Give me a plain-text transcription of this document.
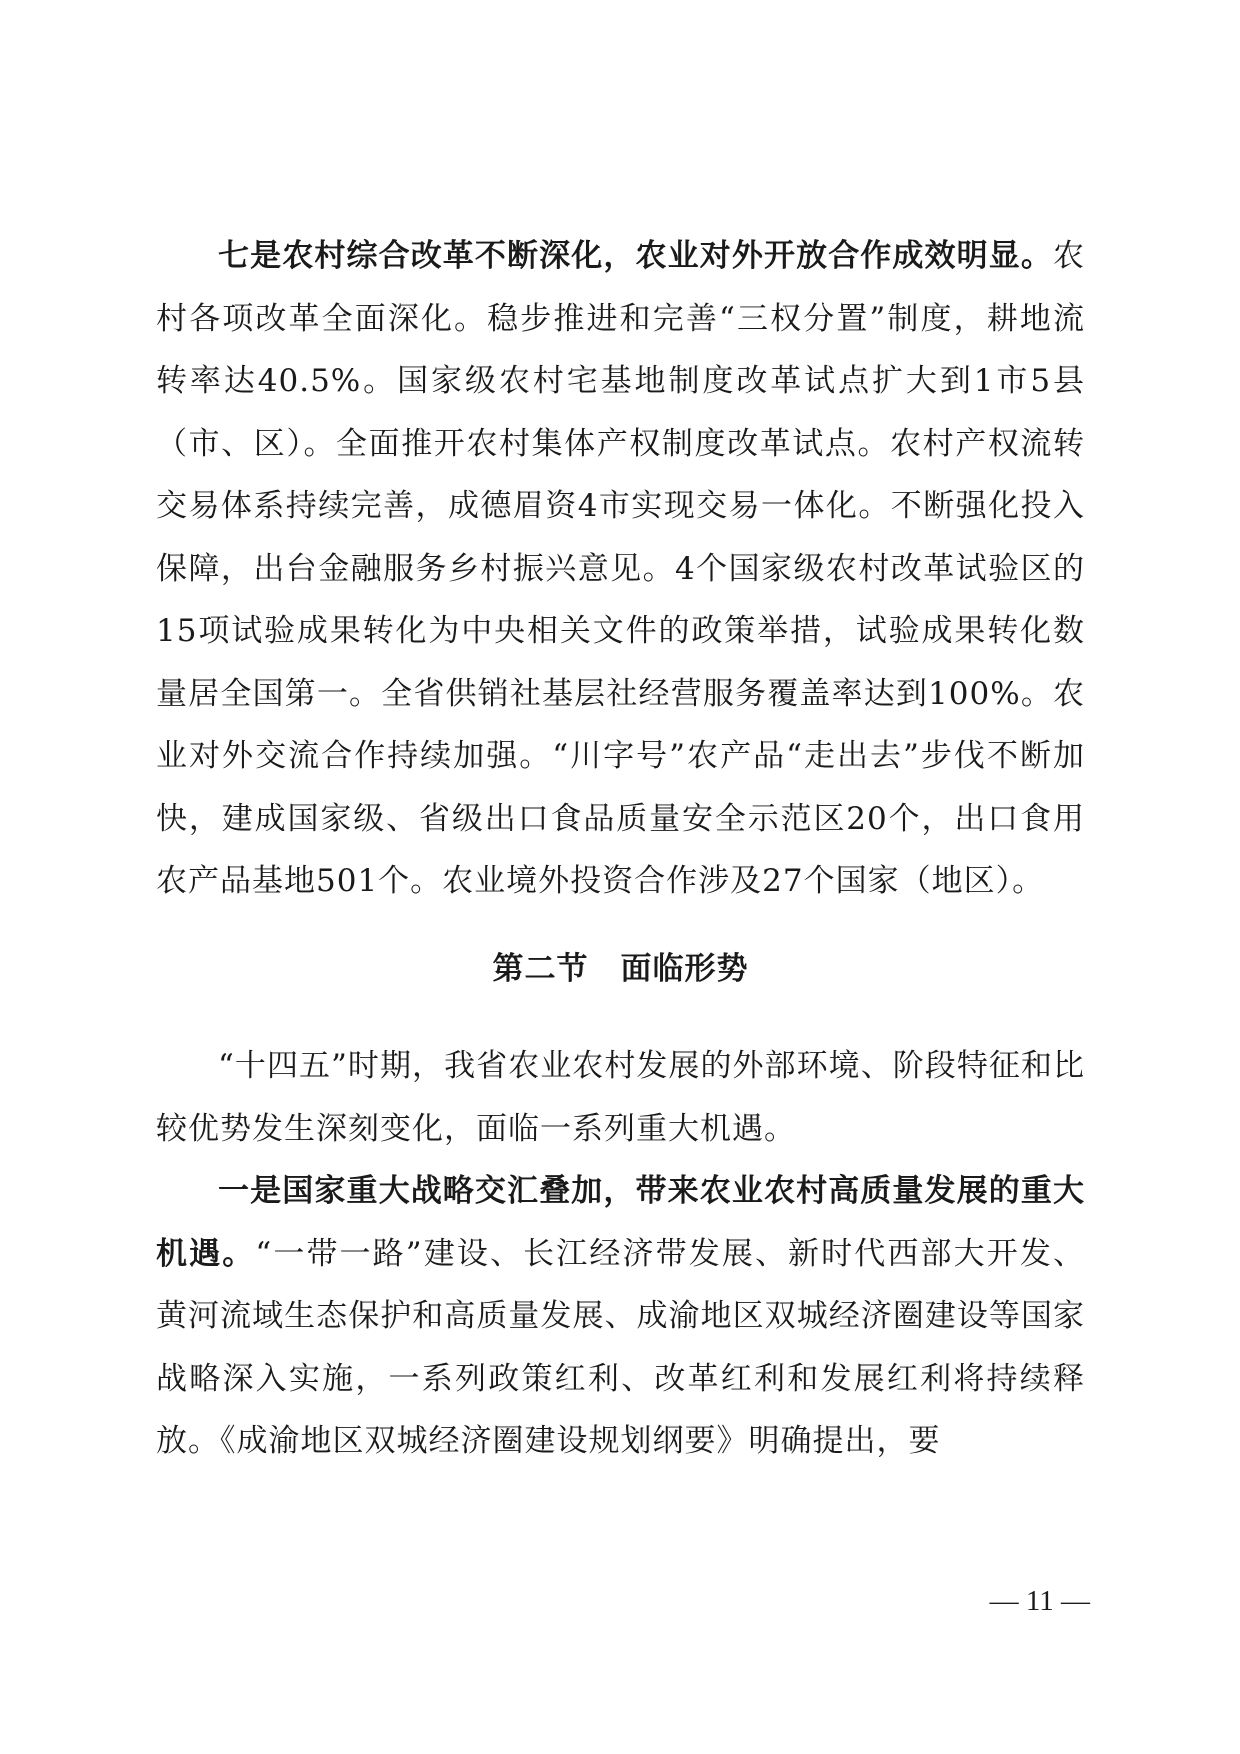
七是农村综合改革不断深化，农业对外开放合作成效明显。农村各项改革全面深化。稳步推进和完善“三权分置”制度，耕地流转率达40.5%。国家级农村宅基地制度改革试点扩大到1市5县（市、区）。全面推开农村集体产权制度改革试点。农村产权流转交易体系持续完善，成德眉资4市实现交易一体化。不断强化投入保障，出台金融服务乡村振兴意见。4个国家级农村改革试验区的15项试验成果转化为中央相关文件的政策举措，试验成果转化数量居全国第一。全省供销社基层社经营服务覆盖率达到100%。农业对外交流合作持续加强。“川字号”农产品“走出去”步伐不断加快，建成国家级、省级出口食品质量安全示范区20个，出口食用农产品基地501个。农业境外投资合作涉及27个国家（地区）。

第二节　面临形势

“十四五”时期，我省农业农村发展的外部环境、阶段特征和比较优势发生深刻变化，面临一系列重大机遇。

一是国家重大战略交汇叠加，带来农业农村高质量发展的重大机遇。“一带一路”建设、长江经济带发展、新时代西部大开发、黄河流域生态保护和高质量发展、成渝地区双城经济圈建设等国家战略深入实施，一系列政策红利、改革红利和发展红利将持续释放。《成渝地区双城经济圈建设规划纲要》明确提出，要

— 11 —
